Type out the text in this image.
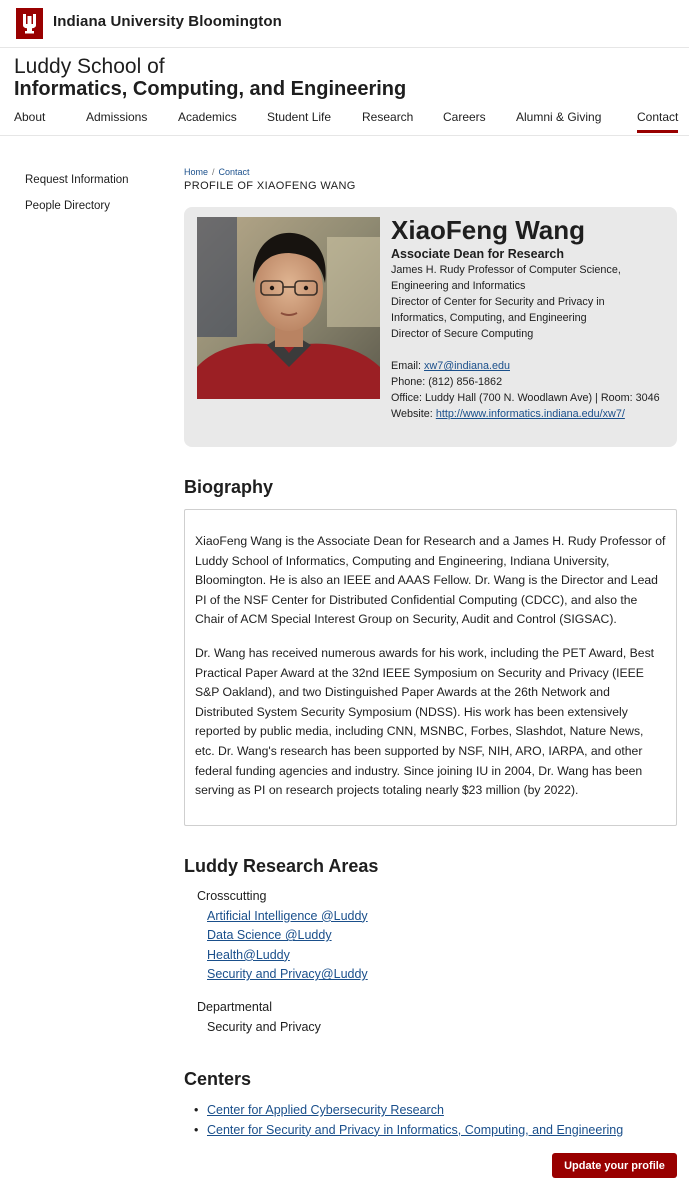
Indiana University Bloomington
Luddy School of
Informatics, Computing, and Engineering
About	Admissions	Academics	Student Life	Research Careers	Alumni & Giving	Contact
Request Information
People Directory
Home / Contact
PROFILE OF XIAOFENG WANG
XiaoFeng Wang
Associate Dean for Research
James H. Rudy Professor of Computer Science, Engineering and Informatics
Director of Center for Security and Privacy in Informatics, Computing, and Engineering
Director of Secure Computing
Email: xw7@indiana.edu
Phone: (812) 856-1862
Office: Luddy Hall (700 N. Woodlawn Ave) | Room: 3046
Website: http://www.informatics.indiana.edu/xw7/
Biography

XiaoFeng Wang is the Associate Dean for Research and a James H. Rudy Professor of Luddy School of Informatics, Computing and Engineering, Indiana University, Bloomington. He is also an IEEE and AAAS Fellow. Dr. Wang is the Director and Lead PI of the NSF Center for Distributed Confidential Computing (CDCC), and also the Chair of ACM Special Interest Group on Security, Audit and Control (SIGSAC).

Dr. Wang has received numerous awards for his work, including the PET Award, Best Practical Paper Award at the 32nd IEEE Symposium on Security and Privacy (IEEE S&P Oakland), and two Distinguished Paper Awards at the 26th Network and Distributed System Security Symposium (NDSS). His work has been extensively reported by public media, including CNN, MSNBC, Forbes, Slashdot, Nature News, etc. Dr. Wang's research has been supported by NSF, NIH, ARO, IARPA, and other federal funding agencies and industry. Since joining IU in 2004, Dr. Wang has been serving as PI on research projects totaling nearly $23 million (by 2022).

Luddy Research Areas
Crosscutting
Artificial Intelligence @Luddy
Data Science @Luddy
Health@Luddy
Security and Privacy@Luddy
Departmental
Security and Privacy
Centers
• Center for Applied Cybersecurity Research
• Center for Security and Privacy in Informatics, Computing, and Engineering
Update your profile
